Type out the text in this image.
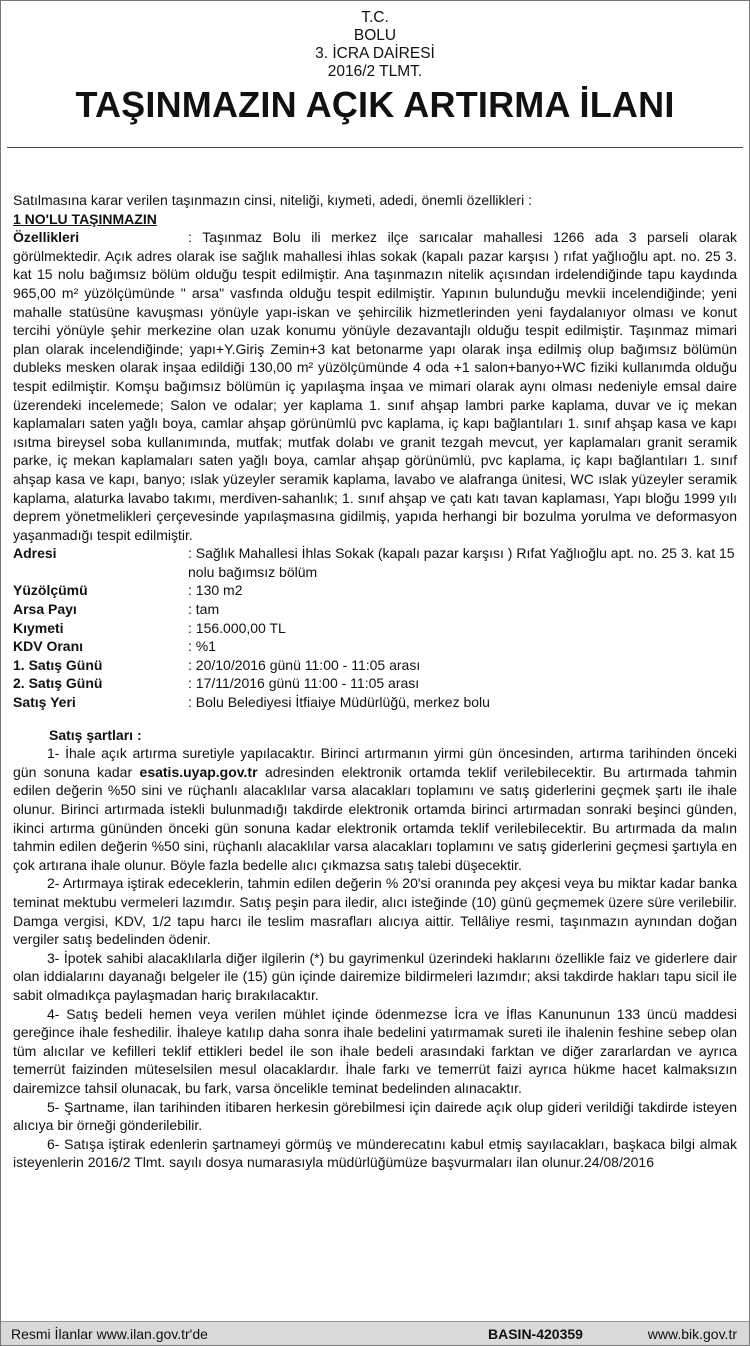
T.C.
BOLU
3. İCRA DAİRESİ
2016/2 TLMT.
TAŞINMAZIN AÇIK ARTIRMA İLANI
Satılmasına karar verilen taşınmazın cinsi, niteliği, kıymeti, adedi, önemli özellikleri :
1 NO'LU TAŞINMAZIN
Özellikleri	: Taşınmaz Bolu ili merkez ilçe sarıcalar mahallesi 1266 ada 3 parseli olarak görülmektedir. Açık adres olarak ise sağlık mahallesi ihlas sokak (kapalı pazar karşısı ) rıfat yağlıoğlu apt. no. 25 3. kat 15 nolu bağımsız bölüm olduğu tespit edilmiştir. Ana taşınmazın nitelik açısından irdelendiğinde tapu kaydında 965,00 m² yüzölçümünde " arsa" vasfında olduğu tespit edilmiştir. Yapının bulunduğu mevkii incelendiğinde; yeni mahalle statüsüne kavuşması yönüyle yapı-iskan ve şehircilik hizmetlerinden yeni faydalanıyor olması ve konut tercihi yönüyle şehir merkezine olan uzak konumu yönüyle dezavantajlı olduğu tespit edilmiştir. Taşınmaz mimari plan olarak incelendiğinde; yapı+Y.Giriş Zemin+3 kat betonarme yapı olarak inşa edilmiş olup bağımsız bölümün dubleks mesken olarak inşaa edildiği 130,00 m² yüzölçümünde 4 oda +1 salon+banyo+WC fiziki kullanımda olduğu tespit edilmiştir. Komşu bağımsız bölümün iç yapılaşma inşaa ve mimari olarak aynı olması nedeniyle emsal daire üzerendeki incelemede; Salon ve odalar; yer kaplama 1. sınıf ahşap lambri parke kaplama, duvar ve iç mekan kaplamaları saten yağlı boya, camlar ahşap görünümlü pvc kaplama, iç kapı bağlantıları 1. sınıf ahşap kasa ve kapı ısıtma bireysel soba kullanımında, mutfak; mutfak dolabı ve granit tezgah mevcut, yer kaplamaları granit seramik parke, iç mekan kaplamaları saten yağlı boya, camlar ahşap görünümlü, pvc kaplama, iç kapı bağlantıları 1. sınıf ahşap kasa ve kapı, banyo; ıslak yüzeyler seramik kaplama, lavabo ve alafranga ünitesi, WC ıslak yüzeyler seramik kaplama, alaturka lavabo takımı, merdiven-sahanlık; 1. sınıf ahşap ve çatı katı tavan kaplaması, Yapı bloğu 1999 yılı deprem yönetmelikleri çerçevesinde yapılaşmasına gidilmiş, yapıda herhangi bir bozulma yorulma ve deformasyon yaşanmadığı tespit edilmiştir.
Adresi	: Sağlık Mahallesi İhlas Sokak (kapalı pazar karşısı ) Rıfat Yağlıoğlu apt. no. 25 3. kat 15 nolu bağımsız bölüm
Yüzölçümü	: 130 m2
Arsa Payı	: tam
Kıymeti	: 156.000,00 TL
KDV Oranı	: %1
1. Satış Günü	: 20/10/2016 günü 11:00 - 11:05 arası
2. Satış Günü	: 17/11/2016 günü 11:00 - 11:05 arası
Satış Yeri	: Bolu Belediyesi İtfiaiye Müdürlüğü, merkez bolu
Satış şartları :
1- İhale açık artırma suretiyle yapılacaktır. Birinci artırmanın yirmi gün öncesinden, artırma tarihinden önceki gün sonuna kadar esatis.uyap.gov.tr adresinden elektronik ortamda teklif verilebilecektir. Bu artırmada tahmin edilen değerin %50 sini ve rüçhanlı alacaklılar varsa alacakları toplamını ve satış giderlerini geçmek şartı ile ihale olunur. Birinci artırmada istekli bulunmadığı takdirde elektronik ortamda birinci artırmadan sonraki beşinci günden, ikinci artırma gününden önceki gün sonuna kadar elektronik ortamda teklif verilebilecektir. Bu artırmada da malın tahmin edilen değerin %50 sini, rüçhanlı alacaklılar varsa alacakları toplamını ve satış giderlerini geçmesi şartıyla en çok artırana ihale olunur. Böyle fazla bedelle alıcı çıkmazsa satış talebi düşecektir.
2- Artırmaya iştirak edeceklerin, tahmin edilen değerin % 20'si oranında pey akçesi veya bu miktar kadar banka teminat mektubu vermeleri lazımdır. Satış peşin para iledir, alıcı isteğinde (10) günü geçmemek üzere süre verilebilir. Damga vergisi, KDV, 1/2 tapu harcı ile teslim masrafları alıcıya aittir. Tellâliye resmi, taşınmazın aynından doğan vergiler satış bedelinden ödenir.
3- İpotek sahibi alacaklılarla diğer ilgilerin (*) bu gayrimenkul üzerindeki haklarını özellikle faiz ve giderlere dair olan iddialarını dayanağı belgeler ile (15) gün içinde dairemize bildirmeleri lazımdır; aksi takdirde hakları tapu sicil ile sabit olmadıkça paylaşmadan hariç bırakılacaktır.
4- Satış bedeli hemen veya verilen mühlet içinde ödenmezse İcra ve İflas Kanununun 133 üncü maddesi gereğince ihale feshedilir. İhaleye katılıp daha sonra ihale bedelini yatırmamak sureti ile ihalenin feshine sebep olan tüm alıcılar ve kefilleri teklif ettikleri bedel ile son ihale bedeli arasındaki farktan ve diğer zararlardan ve ayrıca temerrüt faizinden müteselsilen mesul olacaklardır. İhale farkı ve temerrüt faizi ayrıca hükme hacet kalmaksızın dairemizce tahsil olunacak, bu fark, varsa öncelikle teminat bedelinden alınacaktır.
5- Şartname, ilan tarihinden itibaren herkesin görebilmesi için dairede açık olup gideri verildiği takdirde isteyen alıcıya bir örneği gönderilebilir.
6- Satışa iştirak edenlerin şartnameyi görmüş ve münderecatını kabul etmiş sayılacakları, başkaca bilgi almak isteyenlerin 2016/2 Tlmt. sayılı dosya numarasıyla müdürlüğümüze başvurmaları ilan olunur.24/08/2016
Resmi İlanlar www.ilan.gov.tr'de	BASIN-420359	www.bik.gov.tr
